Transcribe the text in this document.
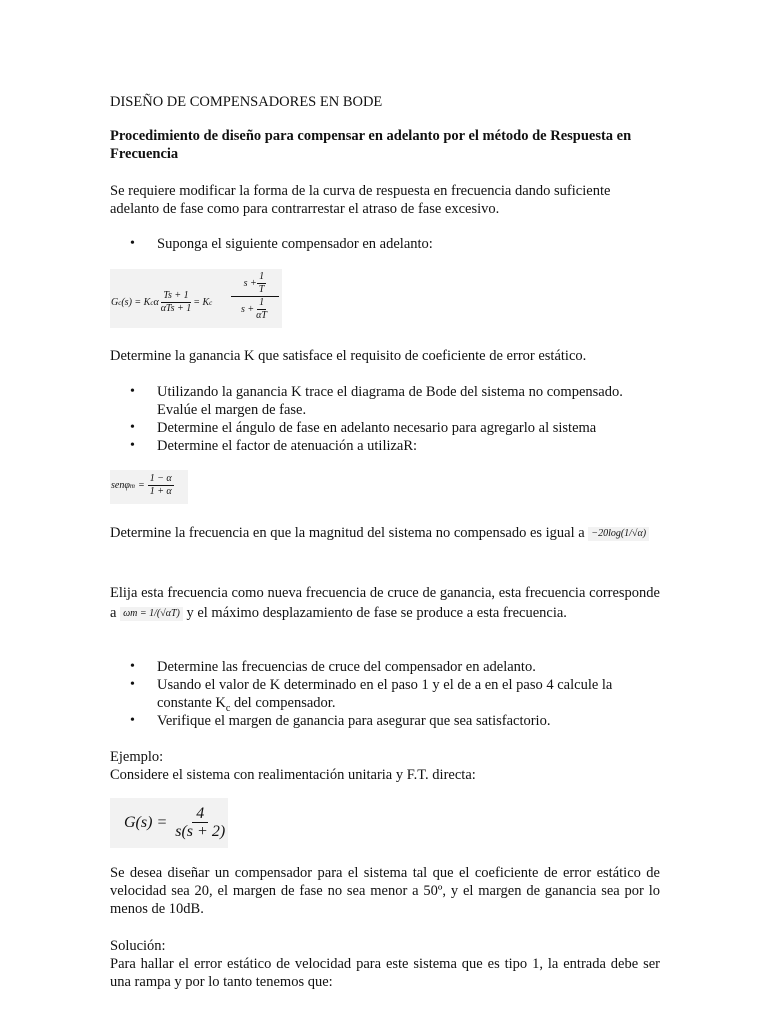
DISEÑO DE COMPENSADORES EN BODE

Procedimiento de diseño para compensar en adelanto por el método de Respuesta en Frecuencia

Se requiere modificar la forma de la curva de respuesta en frecuencia dando suficiente adelanto de fase como para contrarrestar el atraso de fase excesivo.

• Suponga el siguiente compensador en adelanto:
G c (s) = K c α $\frac{Ts + 1}{\text{αTs + 1}} = K$ c
$s + \frac{1}{T}$
$s + \frac{1}{\alpha T}$

Determine la ganancia K que satisface el requisito de coeficiente de error estático.

• Utilizando la ganancia K trace el diagrama de Bode del sistema no compensado. Evalúe el margen de fase.
• Determine el ángulo de fase en adelanto necesario para agregarlo al sistema
• Determine el factor de atenuación a utilizaR:
senφ $m = \frac{1 - \alpha}{1 + \alpha}$

Determine la frecuencia en que la magnitud del sistema no compensado es igual a −20log(1/√α)

Elija esta frecuencia como nueva frecuencia de cruce de ganancia, esta frecuencia corresponde a ωm = 1/(√αT) y el máximo desplazamiento de fase se produce a esta frecuencia.

• Determine las frecuencias de cruce del compensador en adelanto.
• Usando el valor de K determinado en el paso 1 y el de a en el paso 4 calcule la constante $K_c$ del compensador.
• Verifique el margen de ganancia para asegurar que sea satisfactorio.

Ejemplo:

Considere el sistema con realimentación unitaria y F.T. directa:

$G(s) = \frac{4}{s(s + 2)}$

Se desea diseñar un compensador para el sistema tal que el coeficiente de error estático de velocidad sea 20, el margen de fase no sea menor a 50º, y el margen de ganancia sea por lo menos de 10dB.

Solución:

Para hallar el error estático de velocidad para este sistema que es tipo 1, la entrada debe ser una rampa y por lo tanto tenemos que:
